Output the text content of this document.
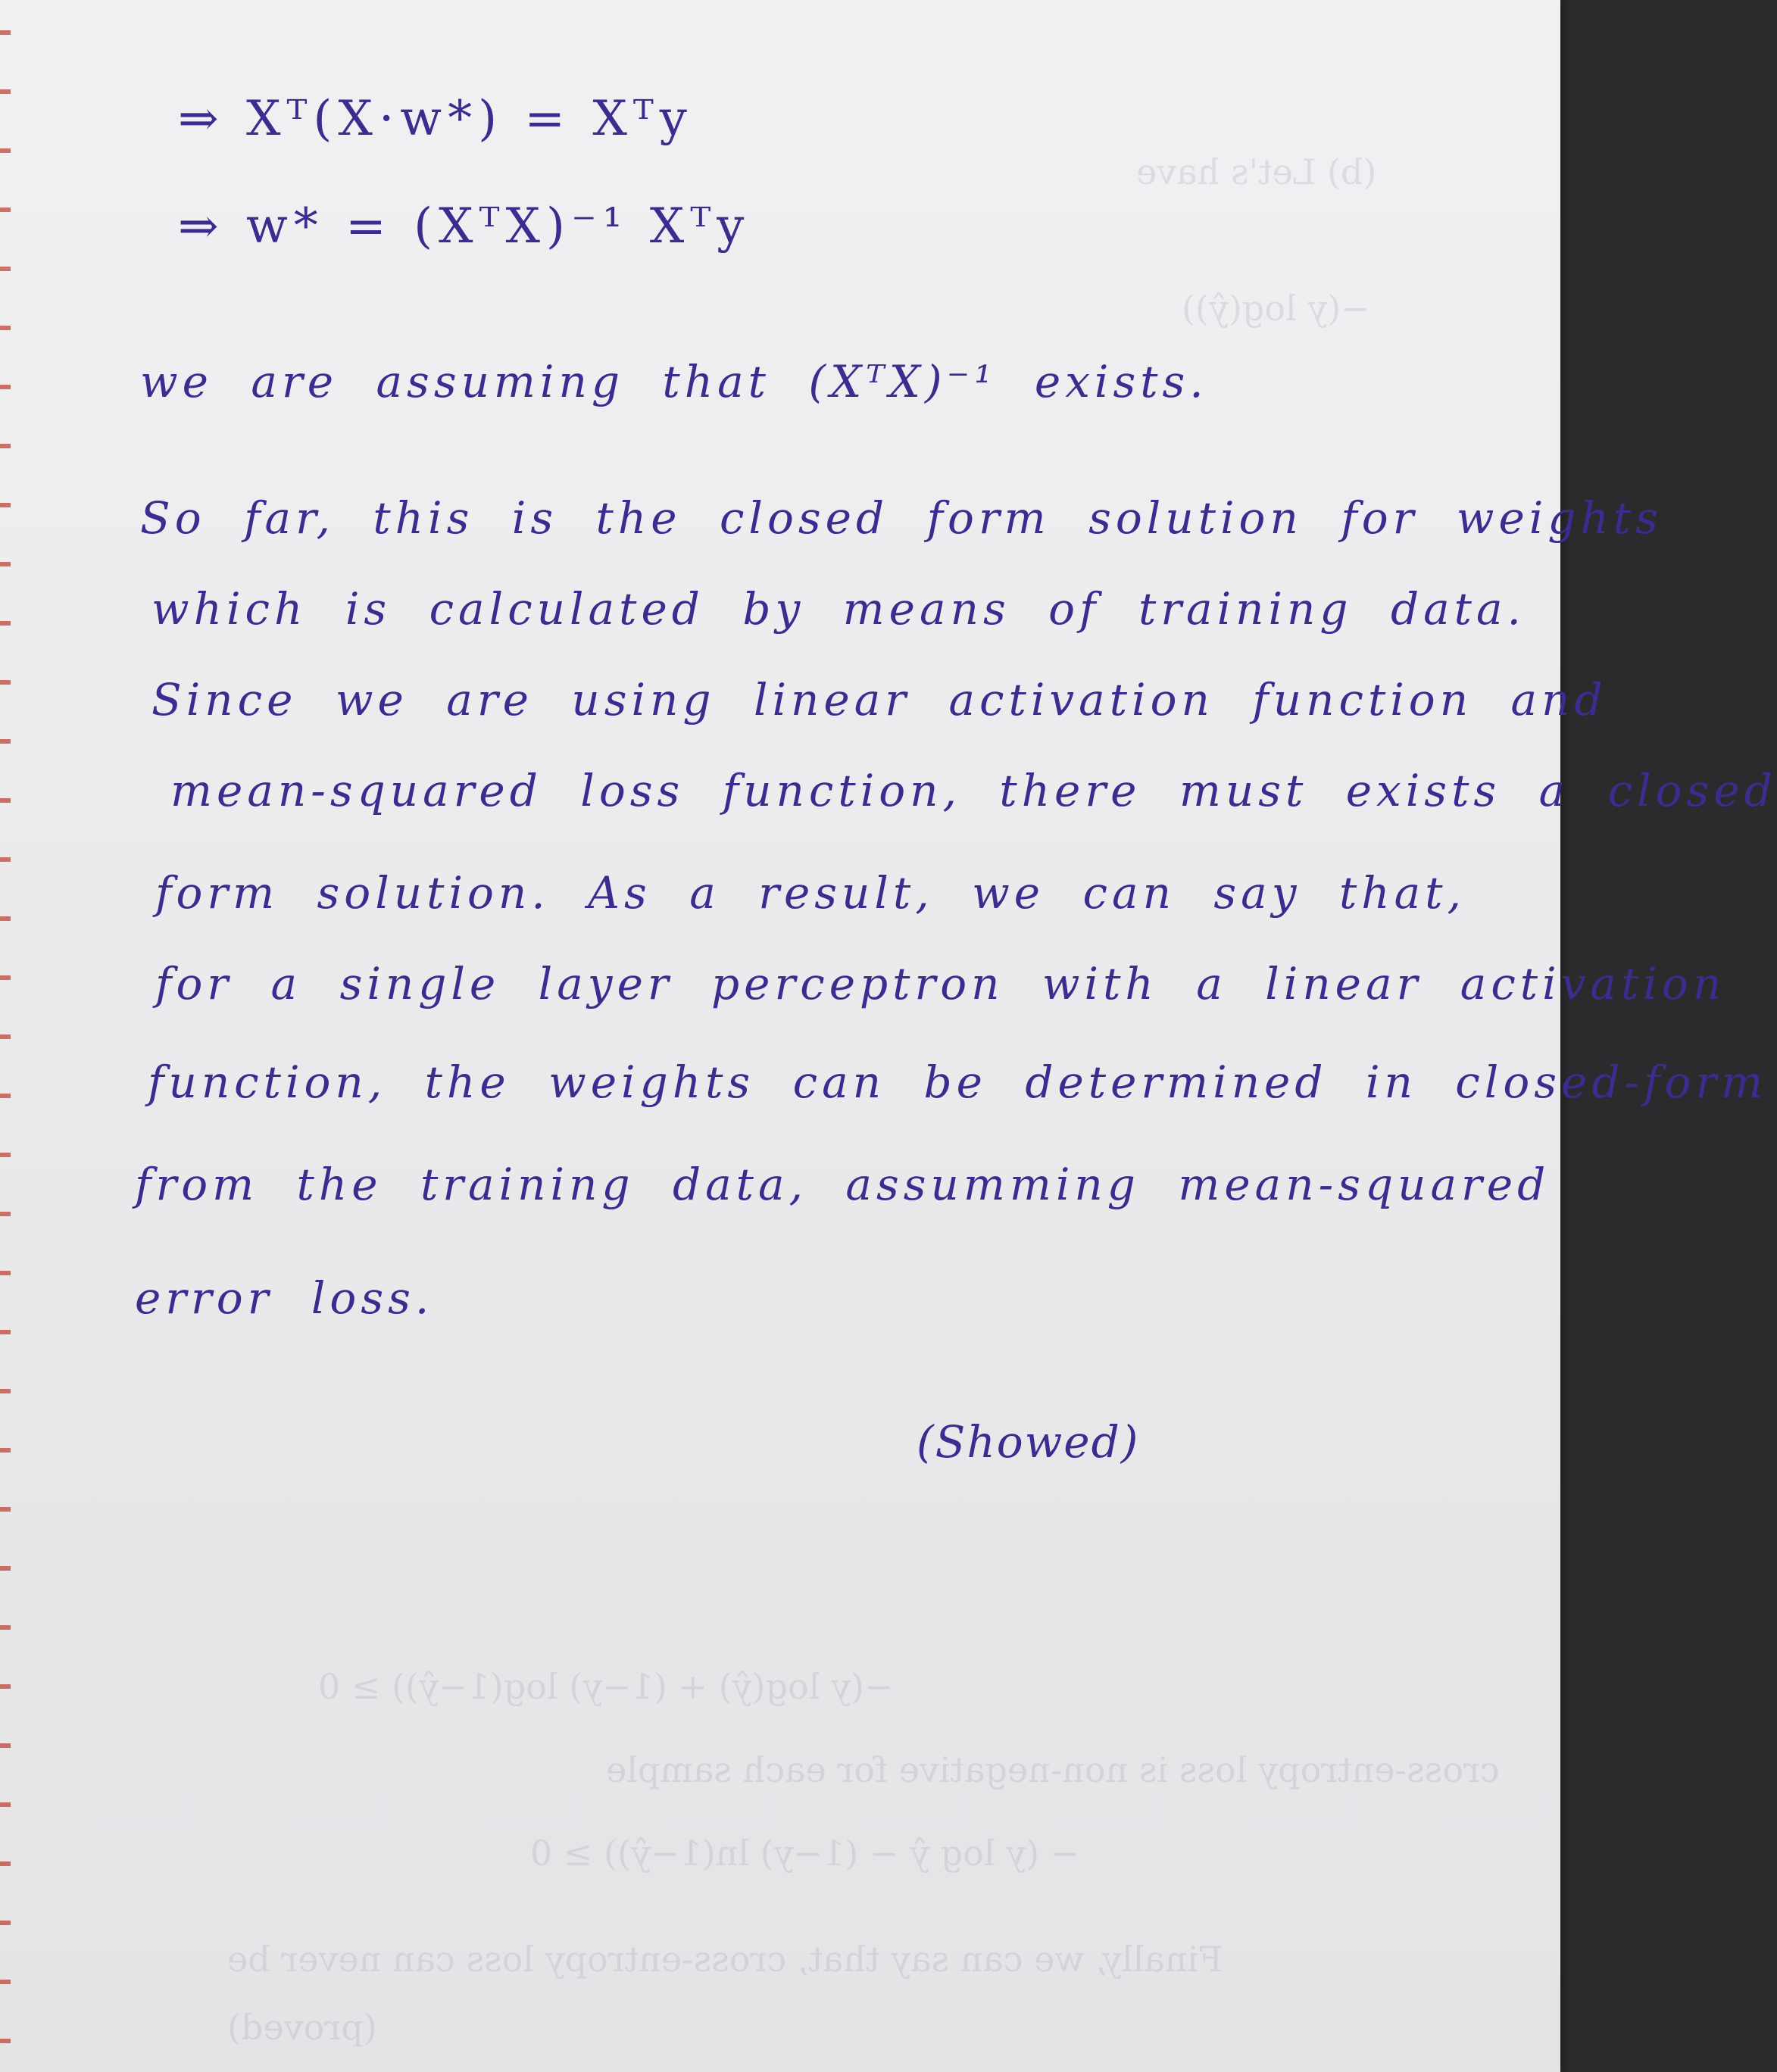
(b) Let's have
−(y log(ŷ))
−(y log(ŷ) + (1−y) log(1−ŷ)) ≥ 0
cross-entropy loss is non-negative for each sample
− (y log ŷ − (1−y) ln(1−ŷ)) ≥ 0
Finally, we can say that, cross-entropy loss can never be
(proved)
⇒ Xᵀ(X·w*) = Xᵀy
⇒ w* = (XᵀX)⁻¹ Xᵀy
we are assuming that (XᵀX)⁻¹ exists.
So far, this is the closed form solution for weights
which is calculated by means of training data.
Since we are using linear activation function and
mean-squared loss function, there must exists a closed
form solution. As a result, we can say that,
for a single layer perceptron with a linear activation
function, the weights can be determined in closed-form
from the training data, assumming mean-squared
error loss.
(Showed)
